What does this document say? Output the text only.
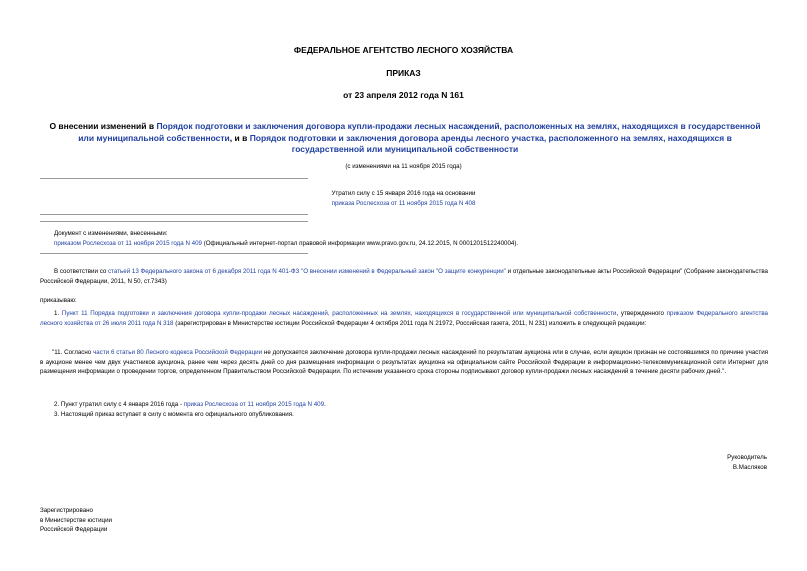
ФЕДЕРАЛЬНОЕ АГЕНТСТВО ЛЕСНОГО ХОЗЯЙСТВА
ПРИКАЗ
от 23 апреля 2012 года N 161
О внесении изменений в Порядок подготовки и заключения договора купли-продажи лесных насаждений, расположенных на землях, находящихся в государственной или муниципальной собственности, и в Порядок подготовки и заключения договора аренды лесного участка, расположенного на землях, находящихся в государственной или муниципальной собственности
(с изменениями на 11 ноября 2015 года)
Утратил силу с 15 января 2016 года на основании
приказа Рослесхоза от 11 ноября 2015 года N 408
Документ с изменениями, внесенными:
приказом Рослесхоза от 11 ноября 2015 года N 409 (Официальный интернет-портал правовой информации www.pravo.gov.ru, 24.12.2015, N 0001201512240004).
В соответствии со статьей 13 Федерального закона от 6 декабря 2011 года N 401-ФЗ "О внесении изменений в Федеральный закон "О защите конкуренции" и отдельные законодательные акты Российской Федерации" (Собрание законодательства Российской Федерации, 2011, N 50, ст.7343)
приказываю:
1. Пункт 11 Порядка подготовки и заключения договора купли-продажи лесных насаждений, расположенных на землях, находящихся в государственной или муниципальной собственности, утвержденного приказом Федерального агентства лесного хозяйства от 26 июля 2011 года N 318 (зарегистрирован в Министерстве юстиции Российской Федерации 4 октября 2011 года N 21972, Российская газета, 2011, N 231) изложить в следующей редакции:
"11. Согласно части 6 статьи 80 Лесного кодекса Российской Федерации не допускается заключение договора купли-продажи лесных насаждений по результатам аукциона или в случае, если аукцион признан не состоявшимся по причине участия в аукционе менее чем двух участников аукциона, ранее чем через десять дней со дня размещения информации о результатах аукциона на официальном сайте Российской Федерации в информационно-телекоммуникационной сети Интернет для размещения информации о проведении торгов, определенном Правительством Российской Федерации. По истечении указанного срока стороны подписывают договор купли-продажи лесных насаждений в течение десяти рабочих дней.".
2. Пункт утратил силу с 4 января 2016 года - приказ Рослесхоза от 11 ноября 2015 года N 409.
3. Настоящий приказ вступает в силу с момента его официального опубликования.
Руководитель
В.Масляков
Зарегистрировано
в Министерстве юстиции
Российской Федерации
